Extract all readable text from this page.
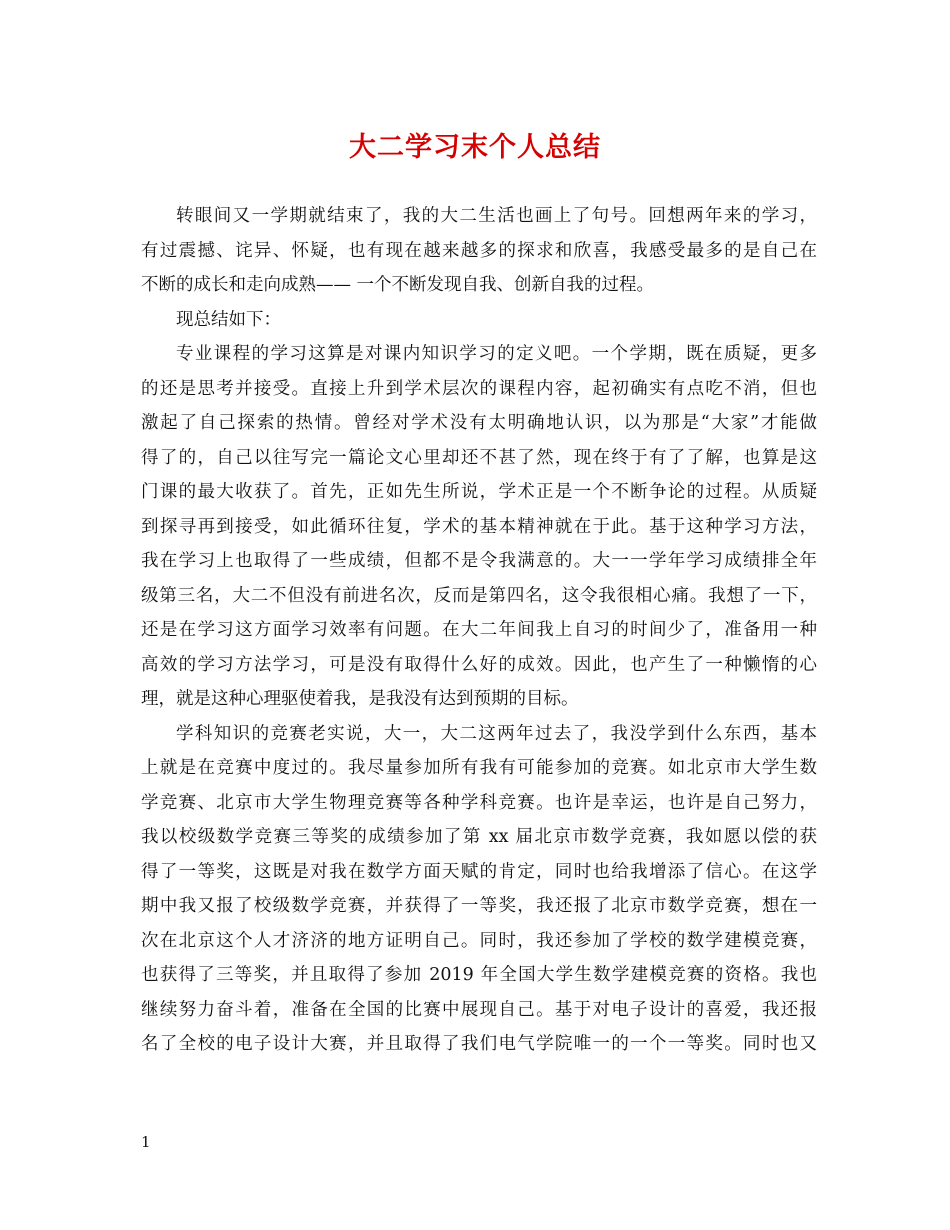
大二学习末个人总结
转眼间又一学期就结束了，我的大二生活也画上了句号。回想两年来的学习，
有过震撼、诧异、怀疑，也有现在越来越多的探求和欣喜，我感受最多的是自己在
不断的成长和走向成熟—— 一个不断发现自我、创新自我的过程。
现总结如下：
专业课程的学习这算是对课内知识学习的定义吧。一个学期，既在质疑，更多
的还是思考并接受。直接上升到学术层次的课程内容，起初确实有点吃不消，但也
激起了自己探索的热情。曾经对学术没有太明确地认识，以为那是“大家”才能做
得了的，自己以往写完一篇论文心里却还不甚了然，现在终于有了了解，也算是这
门课的最大收获了。首先，正如先生所说，学术正是一个不断争论的过程。从质疑
到探寻再到接受，如此循环往复，学术的基本精神就在于此。基于这种学习方法，
我在学习上也取得了一些成绩，但都不是令我满意的。大一一学年学习成绩排全年
级第三名，大二不但没有前进名次，反而是第四名，这令我很相心痛。我想了一下，
还是在学习这方面学习效率有问题。在大二年间我上自习的时间少了，准备用一种
高效的学习方法学习，可是没有取得什么好的成效。因此，也产生了一种懒惰的心
理，就是这种心理驱使着我，是我没有达到预期的目标。
学科知识的竞赛老实说，大一，大二这两年过去了，我没学到什么东西，基本
上就是在竞赛中度过的。我尽量参加所有我有可能参加的竞赛。如北京市大学生数
学竞赛、北京市大学生物理竞赛等各种学科竞赛。也许是幸运，也许是自己努力，
我以校级数学竞赛三等奖的成绩参加了第 xx 届北京市数学竞赛，我如愿以偿的获
得了一等奖，这既是对我在数学方面天赋的肯定，同时也给我增添了信心。在这学
期中我又报了校级数学竞赛，并获得了一等奖，我还报了北京市数学竞赛，想在一
次在北京这个人才济济的地方证明自己。同时，我还参加了学校的数学建模竞赛，
也获得了三等奖，并且取得了参加 2019 年全国大学生数学建模竞赛的资格。我也
继续努力奋斗着，准备在全国的比赛中展现自己。基于对电子设计的喜爱，我还报
名了全校的电子设计大赛，并且取得了我们电气学院唯一的一个一等奖。同时也又
1
